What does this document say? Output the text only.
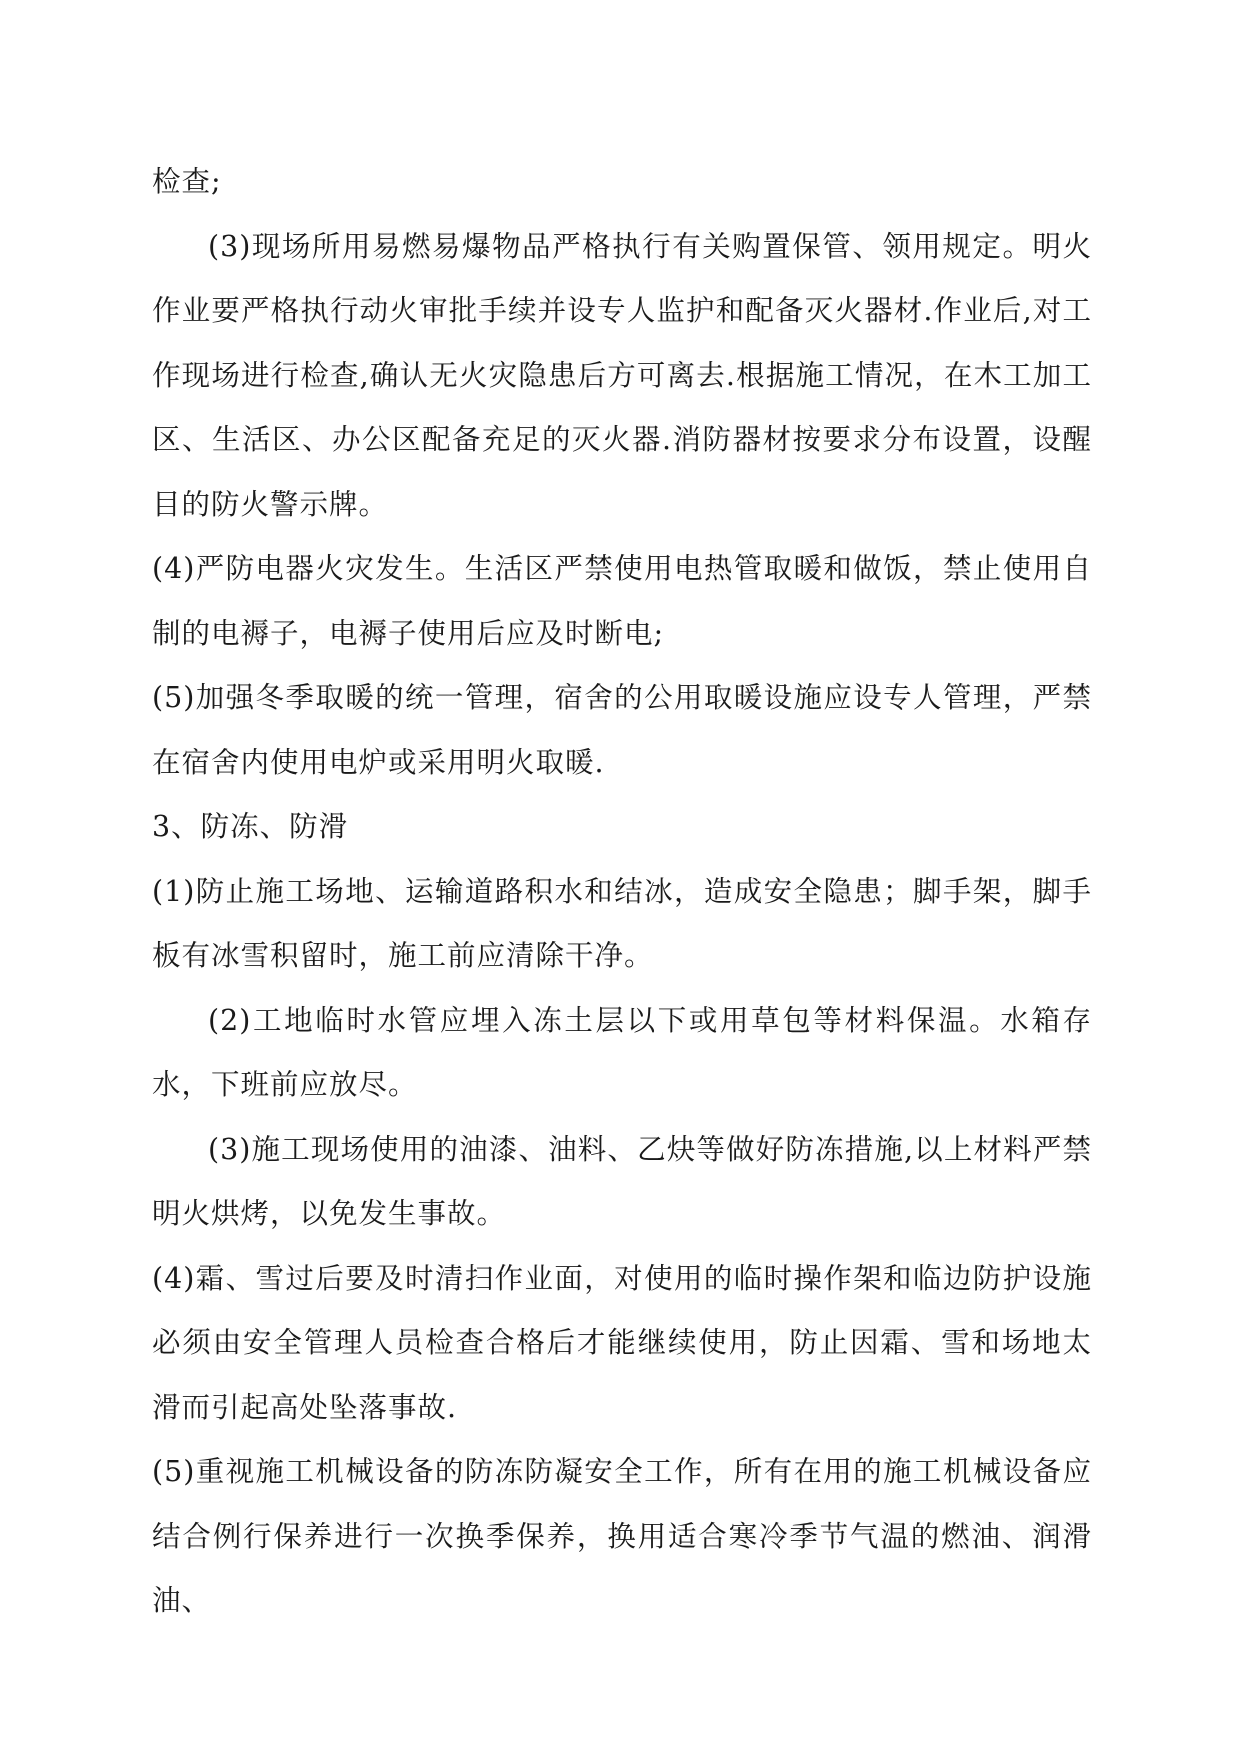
检查;

(3)现场所用易燃易爆物品严格执行有关购置保管、领用规定。明火作业要严格执行动火审批手续并设专人监护和配备灭火器材.作业后,对工作现场进行检查,确认无火灾隐患后方可离去.根据施工情况，在木工加工区、生活区、办公区配备充足的灭火器.消防器材按要求分布设置，设醒目的防火警示牌。

(4)严防电器火灾发生。生活区严禁使用电热管取暖和做饭，禁止使用自制的电褥子，电褥子使用后应及时断电;

(5)加强冬季取暖的统一管理，宿舍的公用取暖设施应设专人管理，严禁在宿舍内使用电炉或采用明火取暖.

3、防冻、防滑

(1)防止施工场地、运输道路积水和结冰，造成安全隐患；脚手架，脚手板有冰雪积留时，施工前应清除干净。

(2)工地临时水管应埋入冻土层以下或用草包等材料保温。水箱存水，下班前应放尽。

(3)施工现场使用的油漆、油料、乙炔等做好防冻措施,以上材料严禁明火烘烤，以免发生事故。

(4)霜、雪过后要及时清扫作业面，对使用的临时操作架和临边防护设施必须由安全管理人员检查合格后才能继续使用，防止因霜、雪和场地太滑而引起高处坠落事故.

(5)重视施工机械设备的防冻防凝安全工作，所有在用的施工机械设备应结合例行保养进行一次换季保养，换用适合寒冷季节气温的燃油、润滑油、
